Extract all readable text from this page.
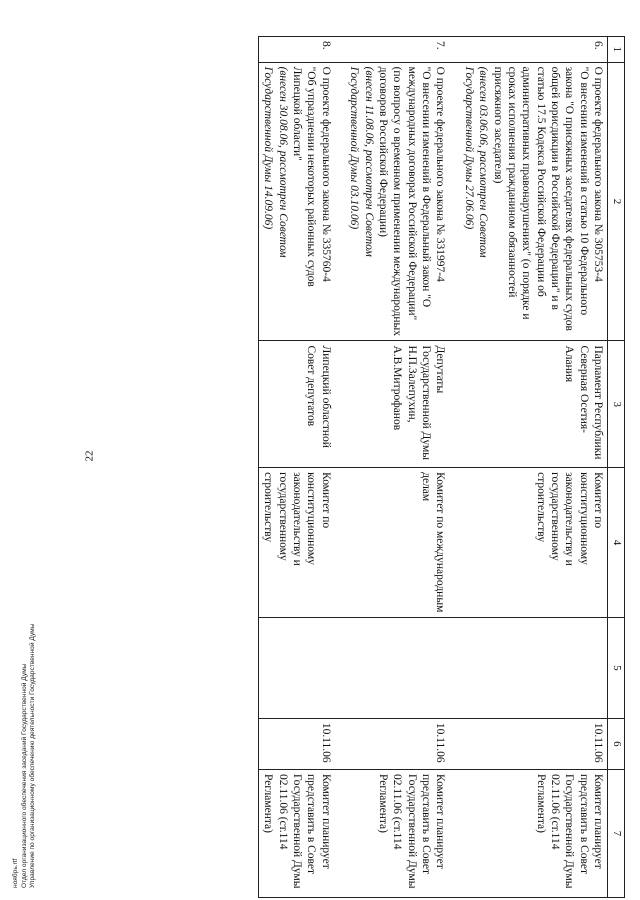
22
1	2	3	4	5	6	7
6.	О проекте федерального закона № 305753-4
"О внесении изменений в статью 10 Федерального закона "О присяжных заседателях федеральных судов общей юрисдикции в Российской Федерации" и в статью 17.5 Кодекса Российской Федерации об административных правонарушениях" (о порядке и сроках исполнения гражданином обязанностей присяжного заседателя)
(внесен 03.06.06, рассмотрен Советом Государственной Думы 27.06.06)	Парламент Республики Северная Осетия-Алания	Комитет по конституционному законодательству и государственному строительству		10.11.06	Комитет планирует представить в Совет Государственной Думы 02.11.06 (ст.114 Регламента)

7.	О проекте федерального закона № 331997-4
"О внесении изменений в Федеральный закон "О международных договорах Российской Федерации" (по вопросу о временном применении международных договоров Российской Федерации)
(внесен 11.08.06, рассмотрен Советом Государственной Думы 03.10.06)	Депутаты Государственной Думы Н.П.Залепухин, А.В.Митрофанов	Комитет по международным делам		10.11.06	Комитет планирует представить в Совет Государственной Думы 02.11.06 (ст.114 Регламента)

8.	О проекте федерального закона № 335760-4
"Об упразднении некоторых районных судов Липецкой области"
(внесен 30.08.06, рассмотрен Советом Государственной Думы 14.09.06)	Липецкий областной Совет депутатов	Комитет по конституционному законодательству и государственному строительству		10.11.06	Комитет планирует представить в Совет Государственной Думы 02.11.06 (ст.114 Регламента)
ноябрь.rtf Отдел организационного обеспечения заседаний Государственной Думы Управление по организационному обеспечению деятельности Государственной Думы
